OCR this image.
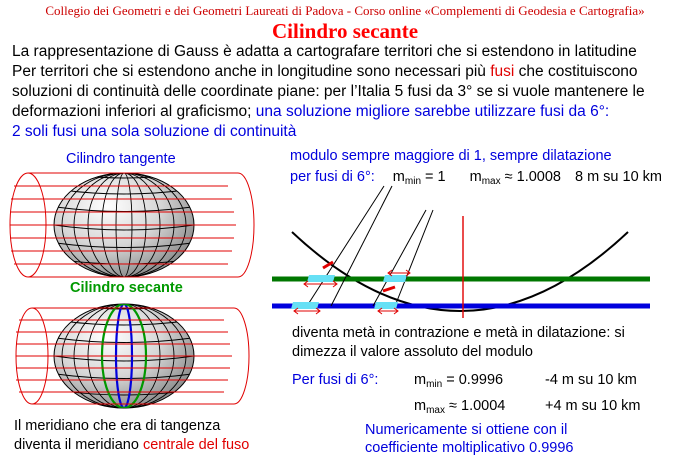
Collegio dei Geometri e dei Geometri Laureati di Padova - Corso online «Complementi di Geodesia e Cartografia»
Cilindro secante
La rappresentazione di Gauss è adatta a cartografare territori che si estendono in latitudine
Per territori che si estendono anche in longitudine sono necessari più fusi che costituiscono
soluzioni di continuità delle coordinate piane: per l’Italia 5 fusi da 3° se si vuole mantenere le
deformazioni inferiori al graficismo; una soluzione migliore sarebbe utilizzare fusi da 6°:
2 soli fusi una sola soluzione di continuità
Cilindro tangente
Cilindro secante
modulo sempre maggiore di 1, sempre dilatazione
per fusi di 6°: $m_{min} = 1$ $m_{max} \approx 1.0008$ 8 m su 10 km
diventa metà in contrazione e metà in dilatazione: si
dimezza il valore assoluto del modulo
Per fusi di 6°: $m_{min} = 0.9996$	-4 m su 10 km
$m_{max} \approx 1.0004$	+4 m su 10 km
Numericamente si ottiene con il
coefficiente moltiplicativo 0.9996
Il meridiano che era di tangenza
diventa il meridiano centrale del fuso
